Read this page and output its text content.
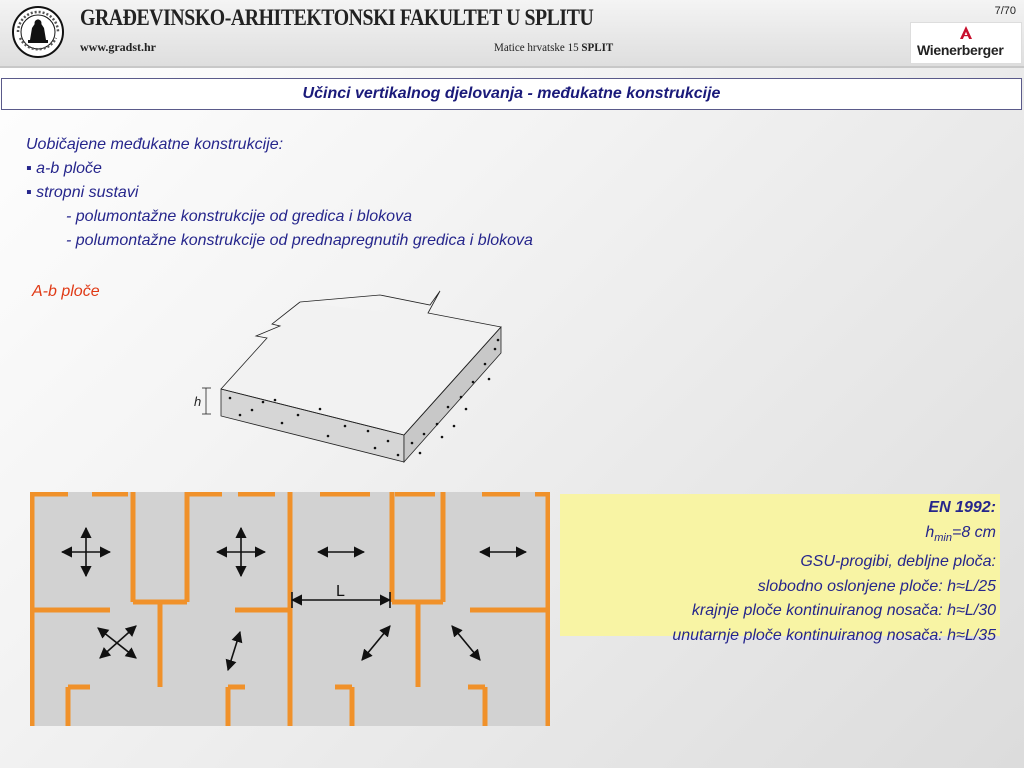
GRAĐEVINSKO-ARHITEKTONSKI FAKULTET U SPLITU
www.gradst.hr	Matice hrvatske 15 SPLIT
7/70
Wienerberger
Učinci vertikalnog djelovanja - međukatne konstrukcije
Uobičajene međukatne konstrukcije:
▪ a-b ploče
▪ stropni sustavi
- polumontažne konstrukcije od gredica i blokova
- polumontažne konstrukcije od prednapregnutih gredica i blokova
A-b ploče
h
L
EN 1992:
$h_{min}=8$ cm
GSU-progibi, debljne ploča:
slobodno oslonjene ploče: h≈L/25
krajnje ploče kontinuiranog nosača: h≈L/30
unutarnje ploče kontinuiranog nosača: h≈L/35
